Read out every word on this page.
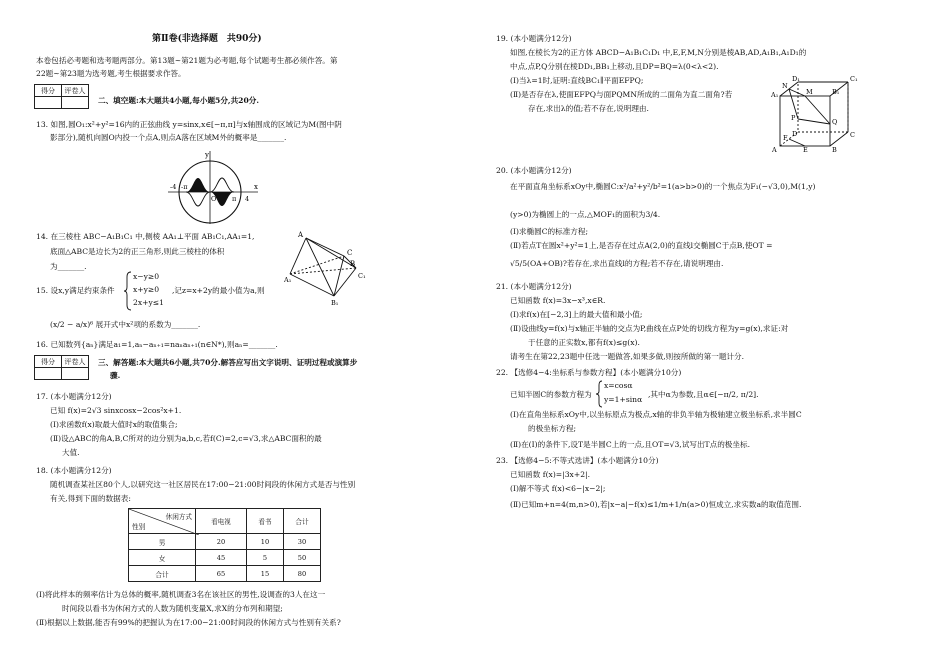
第Ⅱ卷(非选择题　共90分)
本卷包括必考题和选考题两部分。第13题~第21题为必考题,每个试题考生都必须作答。第
22题~第23题为选考题,考生根据要求作答。
得分	评卷人

二、填空题:本大题共4小题,每小题5分,共20分.
13. 如图,圆O₁:x²+y²=16内的正弦曲线 y=sinx,x∈[−π,π]与x轴围成的区域记为M(图中阴
影部分),随机向圆O内投一个点A,则点A落在区域M外的概率是_______.
y
x
O
-4 -π
π 4
14. 在三棱柱 ABC−A₁B₁C₁ 中,侧棱 AA₁⊥平面 AB₁C₁,AA₁=1,
底面△ABC是边长为2的正三角形,则此三棱柱的体积
为_______.
A
C
B
A₁	C₁
B₁
15. 设x,y满足约束条件
x−y≥0
x+y≥0
2x+y≤1
,记z=x+2y的最小值为a,则
(x/2 − a/x)⁶ 展开式中x²项的系数为_______.
16. 已知数列{aₙ}满足a₁=1,aₙ−aₙ₊₁=naₙaₙ₊₁(n∈N*),则aₙ=_______.
得分	评卷人
	三、解答题:本大题共6小题,共70分.解答应写出文字说明、证明过程或演算步
骤.
17. (本小题满分12分)
已知 f(x)=2√3 sinxcosx−2cos²x+1.
(Ⅰ)求函数f(x)取最大值时x的取值集合;
(Ⅱ)设△ABC的角A,B,C所对的边分别为a,b,c,若f(C)=2,c=√3,求△ABC面积的最
大值.
18. (本小题满分12分)
随机调查某社区80个人,以研究这一社区居民在17:00−21:00时间段的休闲方式是否与性别
有关,得到下面的数据表:
休闲方式
性别	看电视	看书	合计
男	20	10	30
女	45	5	50
合计	65	15	80
(Ⅰ)将此样本的频率估计为总体的概率,随机调查3名在该社区的男性,设调查的3人在这一
时间段以看书为休闲方式的人数为随机变量X,求X的分布列和期望;
(Ⅱ)根据以上数据,能否有99%的把握认为在17:00−21:00时间段的休闲方式与性别有关系?
19. (本小题满分12分)
如图,在棱长为2的正方体 ABCD−A₁B₁C₁D₁ 中,E,F,M,N分别是棱AB,AD,A₁B₁,A₁D₁的
中点,点P,Q分别在棱DD₁,BB₁上移动,且DP=BQ=λ(0<λ<2).
(Ⅰ)当λ=1时,证明:直线BC₁∥平面EFPQ;
(Ⅱ)是否存在λ,使面EFPQ与面PQMN所成的二面角为直二面角?若
存在,求出λ的值;若不存在,说明理由.
D₁	C₁
A₁	B₁
N
M
P	Q
D	C
A	B
E
F
20. (本小题满分12分)
在平面直角坐标系xOy中,椭圆C:x²/a²+y²/b²=1(a>b>0)的一个焦点为F₁(−√3,0),M(1,y)
(y>0)为椭圆上的一点,△MOF₁的面积为3/4.
(Ⅰ)求椭圆C的标准方程;
(Ⅱ)若点T在圆x²+y²=1上,是否存在过点A(2,0)的直线l交椭圆C于点B,使OT =
√5/5(OA+OB)?若存在,求出直线l的方程;若不存在,请说明理由.
21. (本小题满分12分)
已知函数 f(x)=3x−x³,x∈R.
(Ⅰ)求f(x)在[−2,3]上的最大值和最小值;
(Ⅱ)设曲线y=f(x)与x轴正半轴的交点为P,曲线在点P处的切线方程为y=g(x),求证:对
于任意的正实数x,都有f(x)≤g(x).
请考生在第22,23题中任选一题做答,如果多做,则按所做的第一题计分.
22. 【选修4−4:坐标系与参数方程】(本小题满分10分)
已知半圆C的参数方程为
x=cosα
y=1+sinα
,其中α为参数,且α∈[−π/2, π/2].
(Ⅰ)在直角坐标系xOy中,以坐标原点为极点,x轴的非负半轴为极轴建立极坐标系,求半圆C
的极坐标方程;
(Ⅱ)在(Ⅰ)的条件下,设T是半圆C上的一点,且OT=√3,试写出T点的极坐标.
23. 【选修4−5:不等式选讲】(本小题满分10分)
已知函数 f(x)=|3x+2|.
(Ⅰ)解不等式 f(x)<6−|x−2|;
(Ⅱ)已知m+n=4(m,n>0),若|x−a|−f(x)≤1/m+1/n(a>0)恒成立,求实数a的取值范围.
